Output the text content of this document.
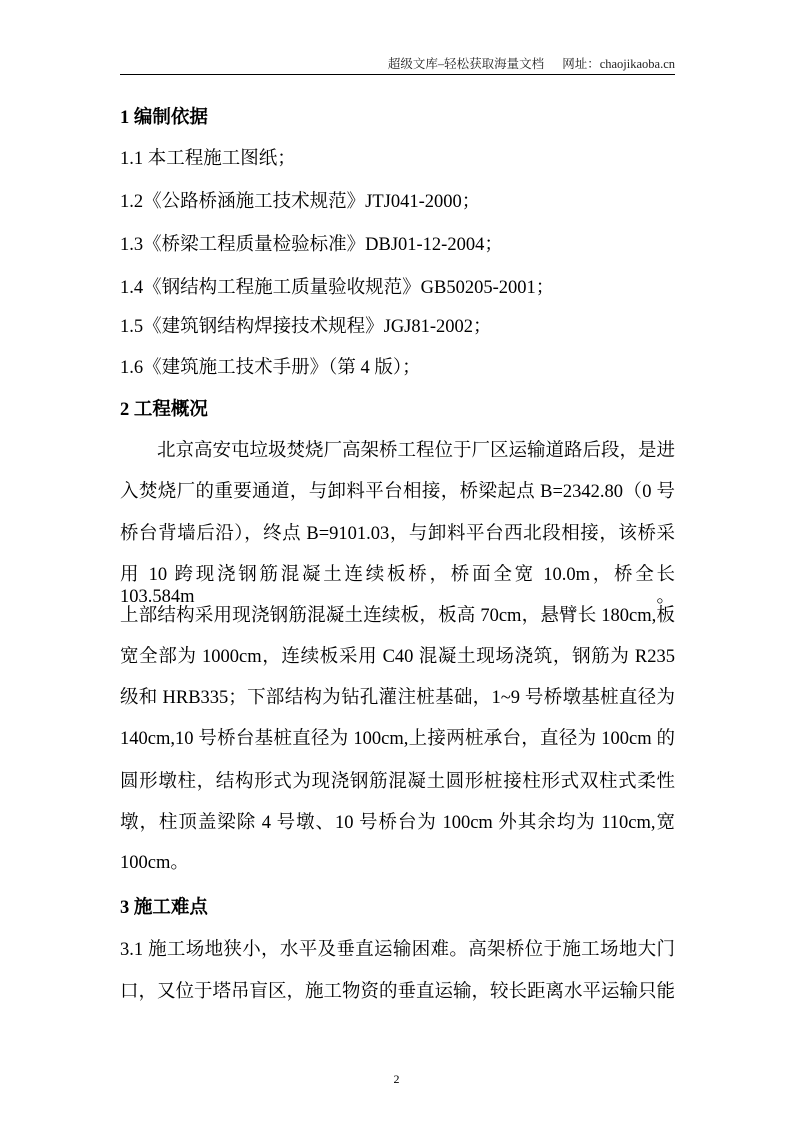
超级文库–轻松获取海量文档 网址：chaojikaoba.cn
1 编制依据
1.1 本工程施工图纸；
1.2《公路桥涵施工技术规范》JTJ041-2000；
1.3《桥梁工程质量检验标准》DBJ01-12-2004；
1.4《钢结构工程施工质量验收规范》GB50205-2001；
1.5《建筑钢结构焊接技术规程》JGJ81-2002；
1.6《建筑施工技术手册》（第 4 版）；
2 工程概况
北京高安屯垃圾焚烧厂高架桥工程位于厂区运输道路后段，是进
入焚烧厂的重要通道，与卸料平台相接，桥梁起点 B=2342.80（0 号
桥台背墙后沿），终点 B=9101.03，与卸料平台西北段相接，该桥采
用 10 跨现浇钢筋混凝土连续板桥，桥面全宽 10.0m，桥全长 103.584m。
上部结构采用现浇钢筋混凝土连续板，板高 70cm，悬臂长 180cm,板
宽全部为 1000cm，连续板采用 C40 混凝土现场浇筑，钢筋为 R235
级和 HRB335；下部结构为钻孔灌注桩基础，1~9 号桥墩基桩直径为
140cm,10 号桥台基桩直径为 100cm,上接两桩承台，直径为 100cm 的
圆形墩柱，结构形式为现浇钢筋混凝土圆形桩接柱形式双柱式柔性
墩，柱顶盖梁除 4 号墩、10 号桥台为 100cm 外其余均为 110cm,宽
100cm。
3 施工难点
3.1 施工场地狭小，水平及垂直运输困难。高架桥位于施工场地大门
口，又位于塔吊盲区，施工物资的垂直运输，较长距离水平运输只能
2
